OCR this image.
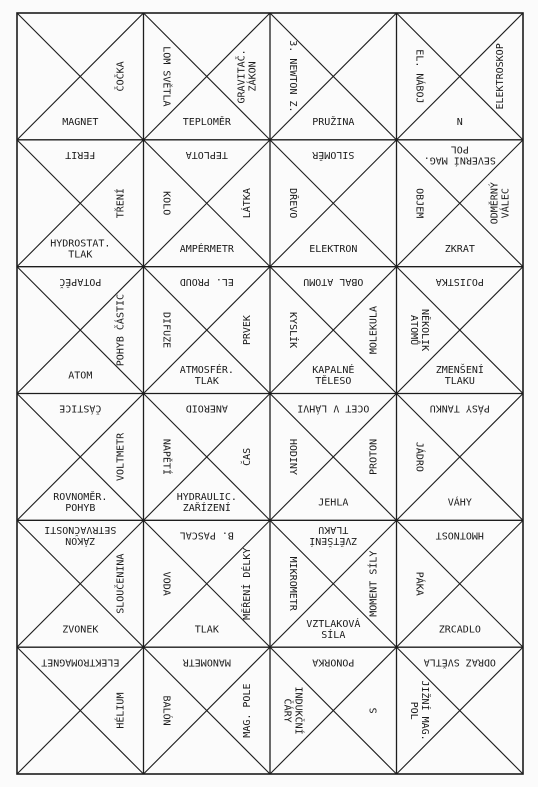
ČOČKA
MAGNET
LOM SVĚTLA	GRAVITAČ.ZÁKON
TEPLOMĚR
3. NEWTON Z.
PRUŽINA
EL. NÁBOJ	ELEKTROSKOP
N
FERIT
TŘENÍ
HYDROSTAT. TLAK
TEPLOTA
KOLO	LÁTKA
AMPÉRMETR
SILOMĚR
DŘEVO
ELEKTRON
SEVERNÍ MAG.POL
OBJEM	ODMĚRNÝVÁLEC
ZKRAT
POTAPĚČ
POHYB ČÁSTIC
ATOM
EL. PROUD
DIFUZE	PRVEK
ATMOSFÉR. TLAK
OBAL ATOMU
KYSLÍK	MOLEKULA
KAPALNÉ TĚLESO
POJISTKA
NĚKOLIKATOMŮ
ZMENŠENÍ TLAKU
ČÁSTICE
VOLTMETR
ROVNOMĚR. POHYB
ANEROID
NAPĚTÍ	ČAS
HYDRAULIC. ZAŘÍZENÍ
OCET V LÁHVI
HODINY	PROTON
JEHLA
PÁSY TANKU
JÁDRO
VÁHY
ZÁKONSETRVAČNOSTI
SLOUČENINA
ZVONEK
B. PASCAL
VODA	MĚŘENÍ DÉLKY
TLAK
ZVĚTŠENÍTLAKU
MIKROMETR	MOMENT SÍLY
VZTLAKOVÁ SÍLA
HMOTNOST
PÁKA
ZRCADLO
ELEKTROMAGNET
HÉLIUM
MANOMETR
BALÓN	MAG. POLE
PONORKA
INDUKČNÍČÁRY	S
ODRAZ SVĚTLA
JIŽNÍ MAG.POL
